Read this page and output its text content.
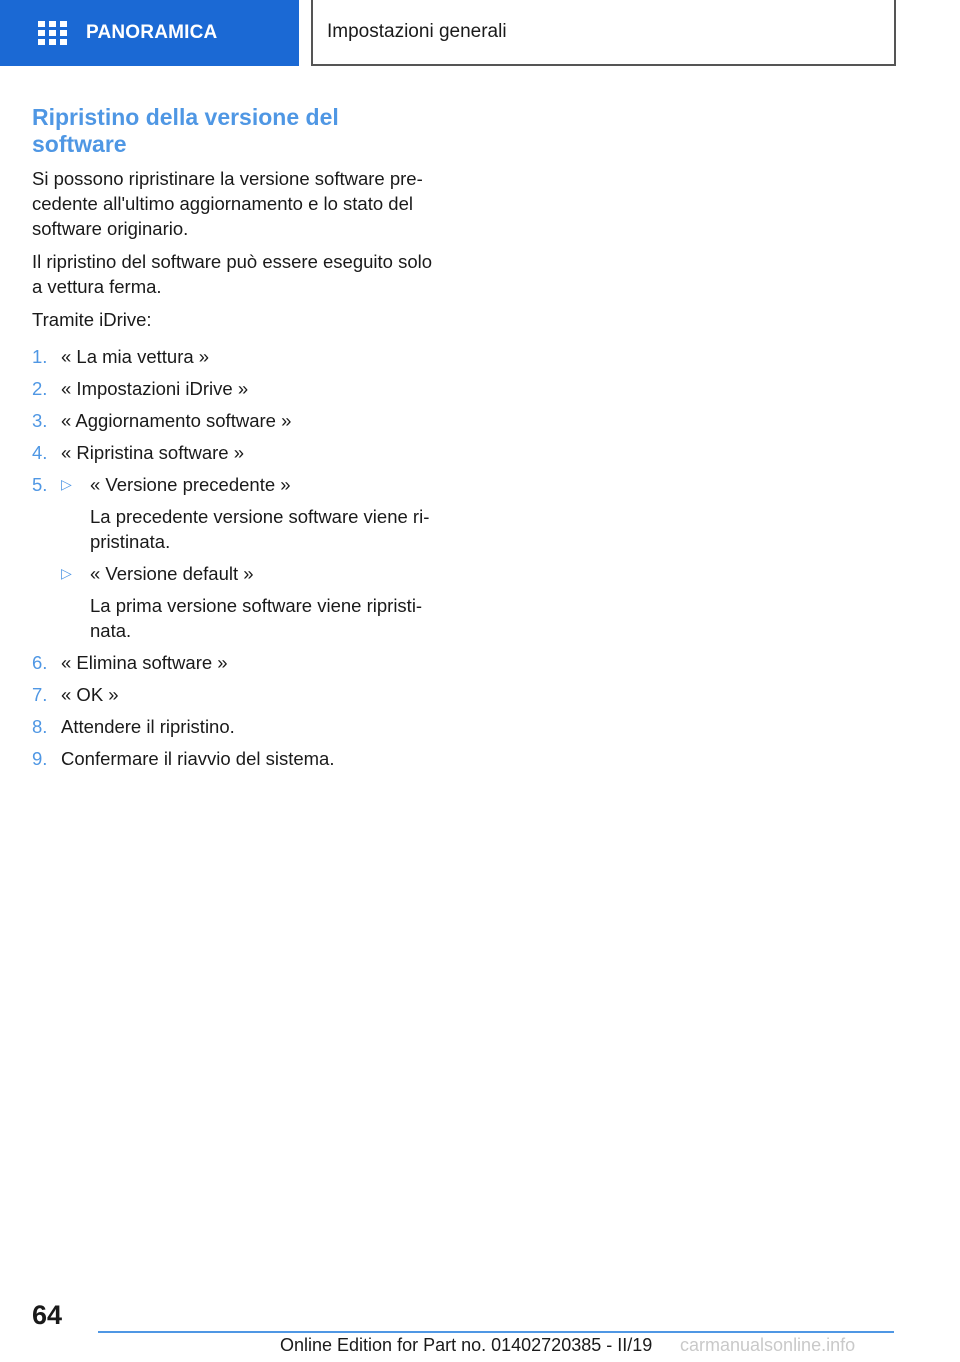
PANORAMICA	Impostazioni generali
Ripristino della versione del
software

Si possono ripristinare la versione software pre-
cedente all'ultimo aggiornamento e lo stato del
software originario.

Il ripristino del software può essere eseguito solo
a vettura ferma.

Tramite iDrive:

1. « La mia vettura »
2. « Impostazioni iDrive »
3. « Aggiornamento software »
4. « Ripristina software »
5. ▷ « Versione precedente »
La precedente versione software viene ri-
pristinata.
▷ « Versione default »
La prima versione software viene ripristi-
nata.
6. « Elimina software »
7. « OK »
8. Attendere il ripristino.
9. Confermare il riavvio del sistema.
64
Online Edition for Part no. 01402720385 - II/19 carmanualsonline.info
